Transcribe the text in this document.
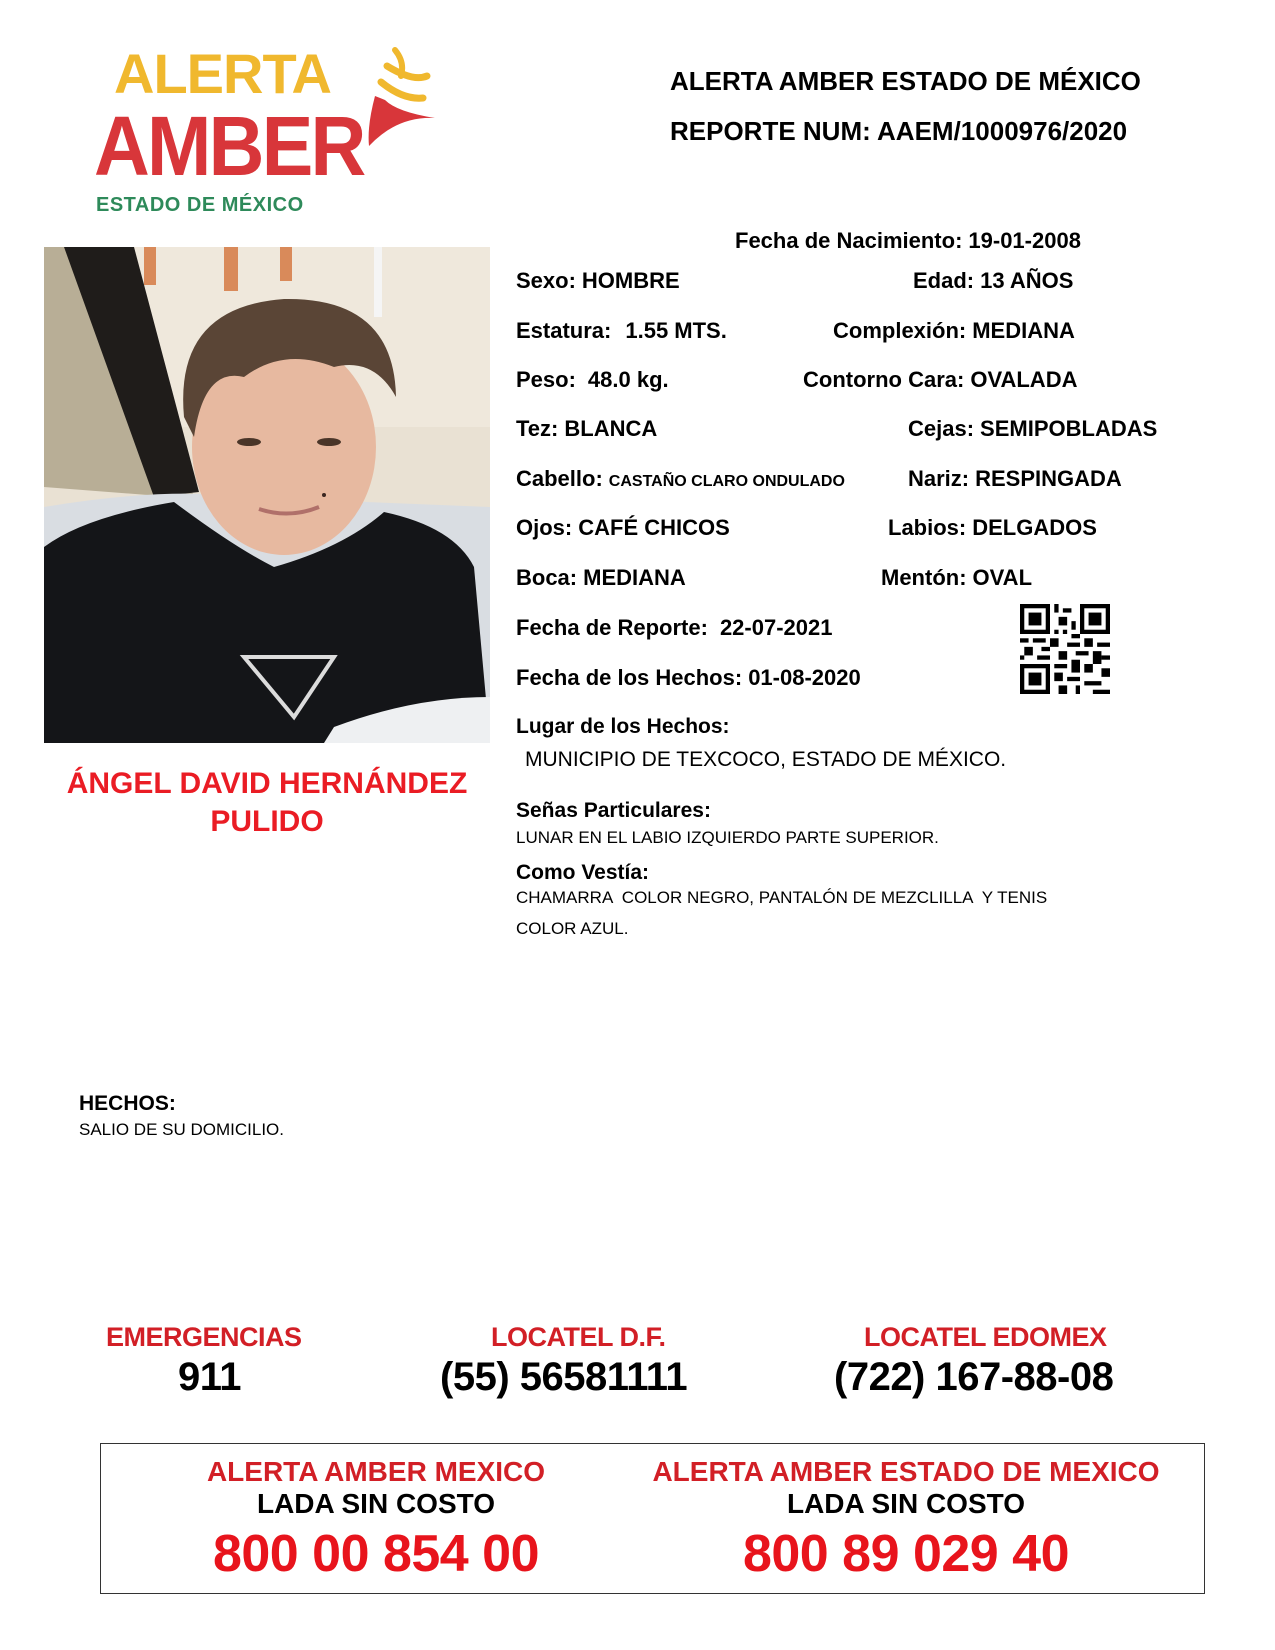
ALERTA
AMBER
ESTADO DE MÉXICO
ALERTA AMBER ESTADO DE MÉXICO
REPORTE NUM: AAEM/1000976/2020
ÁNGEL DAVID HERNÁNDEZ
PULIDO
Fecha de Nacimiento: 19-01-2008
Sexo: HOMBRE	Edad: 13 AÑOS
Estatura: 1.55 MTS.	Complexión: MEDIANA
Peso: 48.0 kg.	Contorno Cara: OVALADA
Tez: BLANCA	Cejas: SEMIPOBLADAS
Cabello: CASTAÑO CLARO ONDULADO	Nariz: RESPINGADA
Ojos: CAFÉ CHICOS	Labios: DELGADOS
Boca: MEDIANA	Mentón: OVAL
Fecha de Reporte: 22-07-2021
Fecha de los Hechos: 01-08-2020
Lugar de los Hechos:
MUNICIPIO DE TEXCOCO, ESTADO DE MÉXICO.
Señas Particulares:
LUNAR EN EL LABIO IZQUIERDO PARTE SUPERIOR.
Como Vestía:
CHAMARRA  COLOR NEGRO, PANTALÓN DE MEZCLILLA  Y TENIS
COLOR AZUL.
HECHOS:
SALIO DE SU DOMICILIO.
EMERGENCIAS
911
LOCATEL D.F.
(55) 56581111
LOCATEL EDOMEX
(722) 167-88-08
ALERTA AMBER MEXICO
LADA SIN COSTO
800 00 854 00
ALERTA AMBER ESTADO DE MEXICO
LADA SIN COSTO
800 89 029 40
